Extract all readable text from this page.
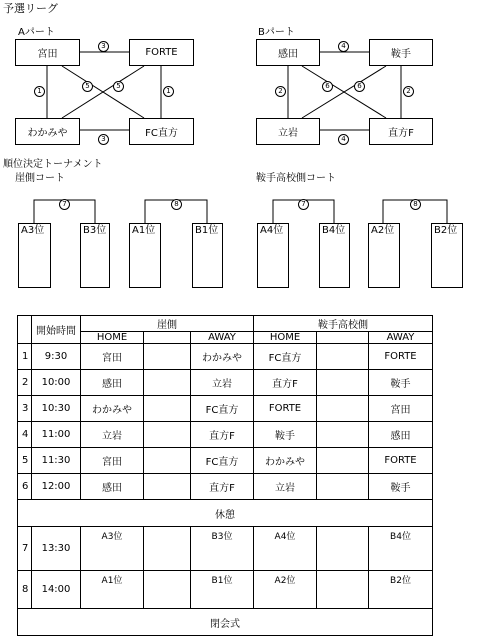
予選リーグ
Aパート
宮田	FORTE
わかみや	FC直方
3
3
1	1
5	5
Bパート
感田	鞍手
立岩	直方F
4
4
2	2
6	6
順位決定トーナメント
崖側コート	鞍手高校側コート
7	8	7	8
A3位	B3位	A1位	B1位	A4位	B4位	A2位	B2位
	開始時間	崖側			鞍手高校側		
		HOME		AWAY	HOME		AWAY
1	9:30	宮田		わかみや	FC直方		FORTE
2	10:00	感田		立岩	直方F		鞍手
3	10:30	わかみや		FC直方	FORTE		宮田
4	11:00	立岩		直方F	鞍手		感田
5	11:30	宮田		FC直方	わかみや		FORTE
6	12:00	感田		直方F	立岩		鞍手
休憩							
7	13:30	A3位		B3位	A4位		B4位
8	14:00	A1位		B1位	A2位		B2位
閉会式							
